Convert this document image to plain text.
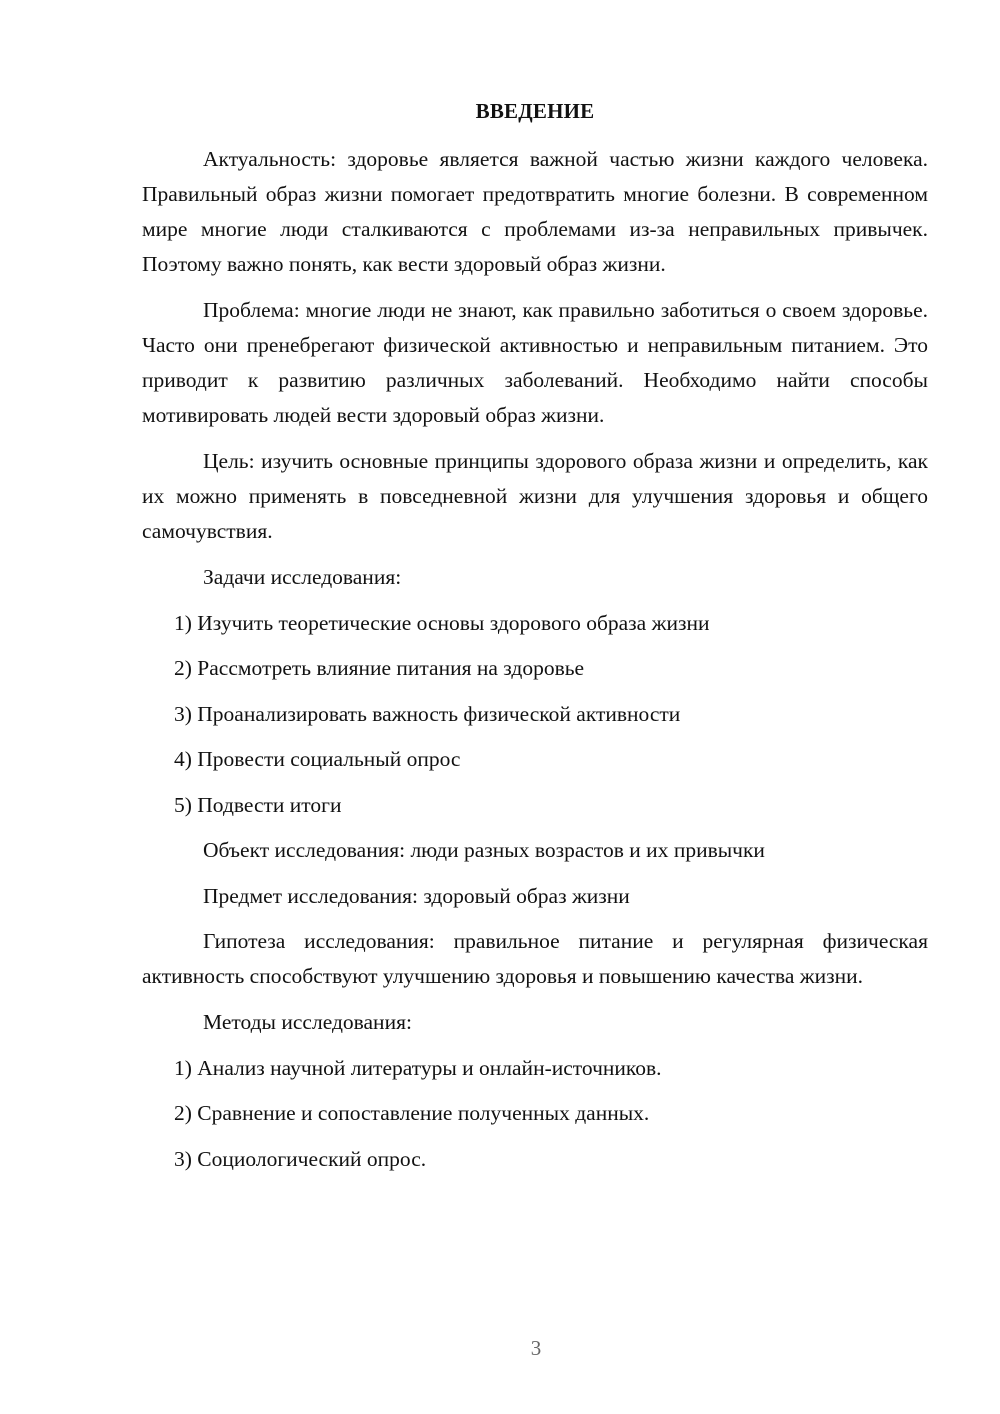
ВВЕДЕНИЕ

Актуальность: здоровье является важной частью жизни каждого человека. Правильный образ жизни помогает предотвратить многие болезни. В современном мире многие люди сталкиваются с проблемами из-за неправильных привычек. Поэтому важно понять, как вести здоровый образ жизни.

Проблема: многие люди не знают, как правильно заботиться о своем здоровье. Часто они пренебрегают физической активностью и неправильным питанием. Это приводит к развитию различных заболеваний. Необходимо найти способы мотивировать людей вести здоровый образ жизни.

Цель: изучить основные принципы здорового образа жизни и определить, как их можно применять в повседневной жизни для улучшения здоровья и общего самочувствия.

Задачи исследования:

1) Изучить теоретические основы здорового образа жизни
2) Рассмотреть влияние питания на здоровье
3) Проанализировать важность физической активности
4) Провести социальный опрос
5) Подвести итоги

Объект исследования: люди разных возрастов и их привычки

Предмет исследования: здоровый образ жизни

Гипотеза исследования: правильное питание и регулярная физическая активность способствуют улучшению здоровья и повышению качества жизни.

Методы исследования:

1) Анализ научной литературы и онлайн-источников.
2) Сравнение и сопоставление полученных данных.
3) Социологический опрос.
3
